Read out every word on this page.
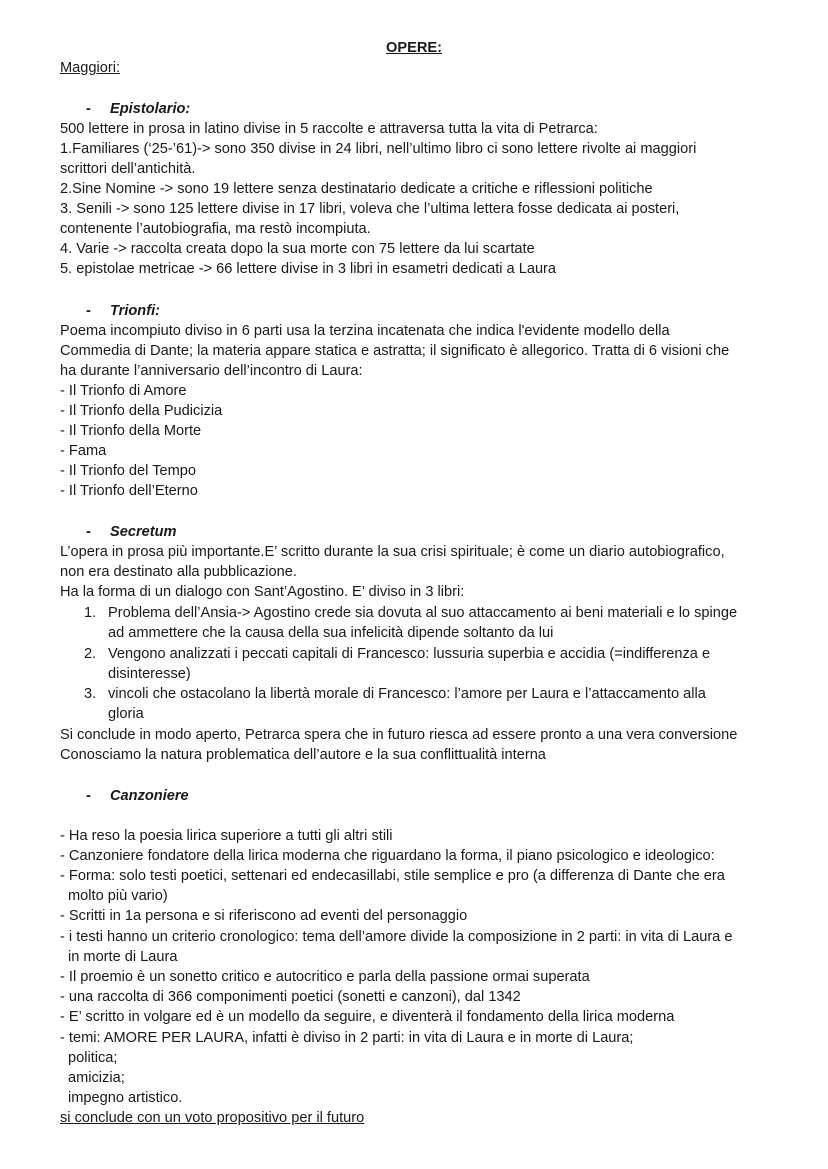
OPERE:
Maggiori:
- Epistolario:
500 lettere in prosa in latino divise in 5 raccolte e attraversa tutta la vita di Petrarca:
1.Familiares (‘25-’61)-> sono 350 divise in 24 libri, nell’ultimo libro ci sono lettere rivolte ai maggiori
scrittori dell’antichità.
2.Sine Nomine -> sono 19 lettere senza destinatario dedicate a critiche e riflessioni politiche
3. Senili -> sono 125 lettere divise in 17 libri, voleva che l’ultima lettera fosse dedicata ai posteri,
contenente l’autobiografia, ma restò incompiuta.
4. Varie -> raccolta creata dopo la sua morte con 75 lettere da lui scartate
5. epistolae metricae -> 66 lettere divise in 3 libri in esametri dedicati a Laura
- Trionfi:
Poema incompiuto diviso in 6 parti usa la terzina incatenata che indica l'evidente modello della
Commedia di Dante; la materia appare statica e astratta; il significato è allegorico. Tratta di 6 visioni che
ha durante l’anniversario dell’incontro di Laura:
- Il Trionfo di Amore
- Il Trionfo della Pudicizia
- Il Trionfo della Morte
- Fama
- Il Trionfo del Tempo
- Il Trionfo dell’Eterno
- Secretum
L’opera in prosa più importante.E’ scritto durante la sua crisi spirituale; è come un diario autobiografico,
non era destinato alla pubblicazione.
Ha la forma di un dialogo con Sant’Agostino. E’ diviso in 3 libri:
1. Problema dell’Ansia-> Agostino crede sia dovuta al suo attaccamento ai beni materiali e lo spinge
ad ammettere che la causa della sua infelicità dipende soltanto da lui
2. Vengono analizzati i peccati capitali di Francesco: lussuria superbia e accidia (=indifferenza e
disinteresse)
3. vincoli che ostacolano la libertà morale di Francesco: l’amore per Laura e l’attaccamento alla
gloria
Si conclude in modo aperto, Petrarca spera che in futuro riesca ad essere pronto a una vera conversione
Conosciamo la natura problematica dell’autore e la sua conflittualità interna
- Canzoniere
- Ha reso la poesia lirica superiore a tutti gli altri stili
- Canzoniere fondatore della lirica moderna che riguardano la forma, il piano psicologico e ideologico:
- Forma: solo testi poetici, settenari ed endecasillabi, stile semplice e pro (a differenza di Dante che era
molto più vario)
- Scritti in 1a persona e si riferiscono ad eventi del personaggio
- i testi hanno un criterio cronologico: tema dell’amore divide la composizione in 2 parti: in vita di Laura e
in morte di Laura
- Il proemio è un sonetto critico e autocritico e parla della passione ormai superata
- una raccolta di 366 componimenti poetici (sonetti e canzoni), dal 1342
- E’ scritto in volgare ed è un modello da seguire, e diventerà il fondamento della lirica moderna
- temi: AMORE PER LAURA, infatti è diviso in 2 parti: in vita di Laura e in morte di Laura;
politica;
amicizia;
impegno artistico.
si conclude con un voto propositivo per il futuro
